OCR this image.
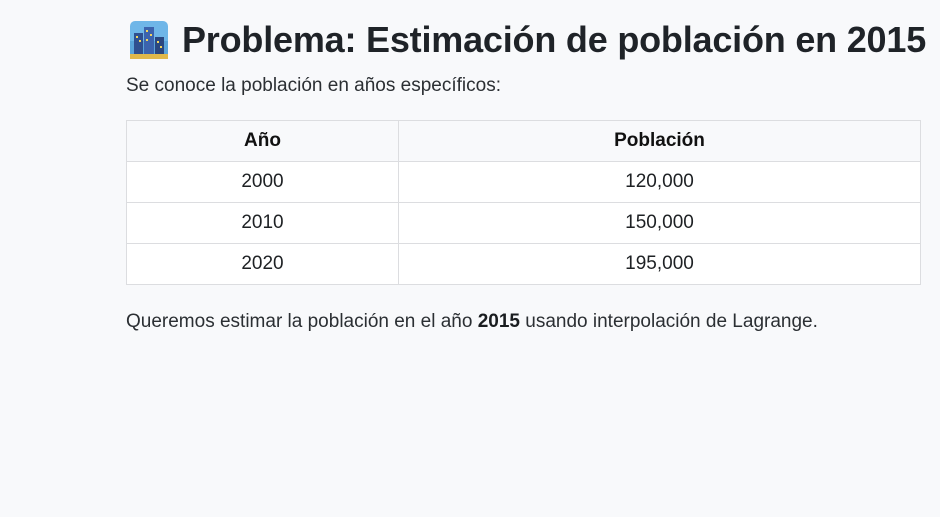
Problema: Estimación de población en 2015

Se conoce la población en años específicos:

Año	Población
2000	120,000
2010	150,000
2020	195,000

Queremos estimar la población en el año 2015 usando interpolación de Lagrange.
